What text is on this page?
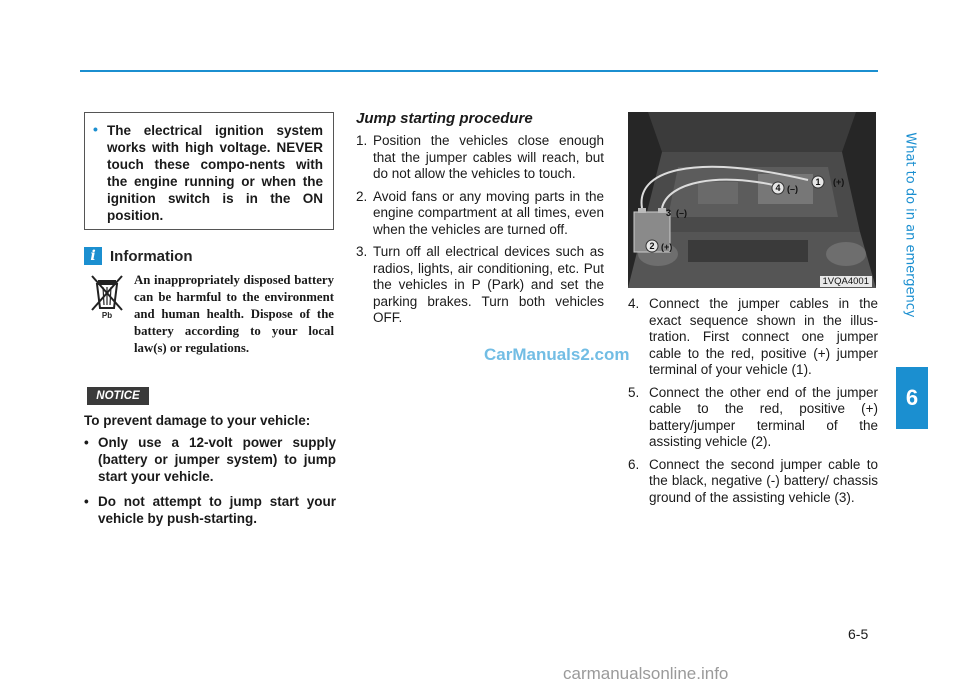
What to do in an emergency
6
• The electrical ignition system works with high voltage. NEVER touch these compo-nents with the engine running or when the ignition switch is in the ON position.

i Information
Pb

An inappropriately disposed battery can be harmful to the environment and human health. Dispose of the battery according to your local law(s) or regulations.

NOTICE

To prevent damage to your vehicle:

• Only use a 12-volt power supply (battery or jumper system) to jump start your vehicle.
• Do not attempt to jump start your vehicle by push-starting.
Jump starting procedure
1. Position the vehicles close enough that the jumper cables will reach, but do not allow the vehicles to touch.
2. Avoid fans or any moving parts in the engine compartment at all times, even when the vehicles are turned off.
3. Turn off all electrical devices such as radios, lights, air conditioning, etc. Put the vehicles in P (Park) and set the parking brakes. Turn both vehicles OFF.
CarManuals2.com
1 (+)
2 (+)
3 (–)
4 (–)
1VQA4001
4. Connect the jumper cables in the exact sequence shown in the illus-tration. First connect one jumper cable to the red, positive (+) jumper terminal of your vehicle (1).
5. Connect the other end of the jumper cable to the red, positive (+) battery/jumper terminal of the assisting vehicle (2).
6. Connect the second jumper cable to the black, negative (-) battery/ chassis ground of the assisting vehicle (3).
6-5
carmanualsonline.info
